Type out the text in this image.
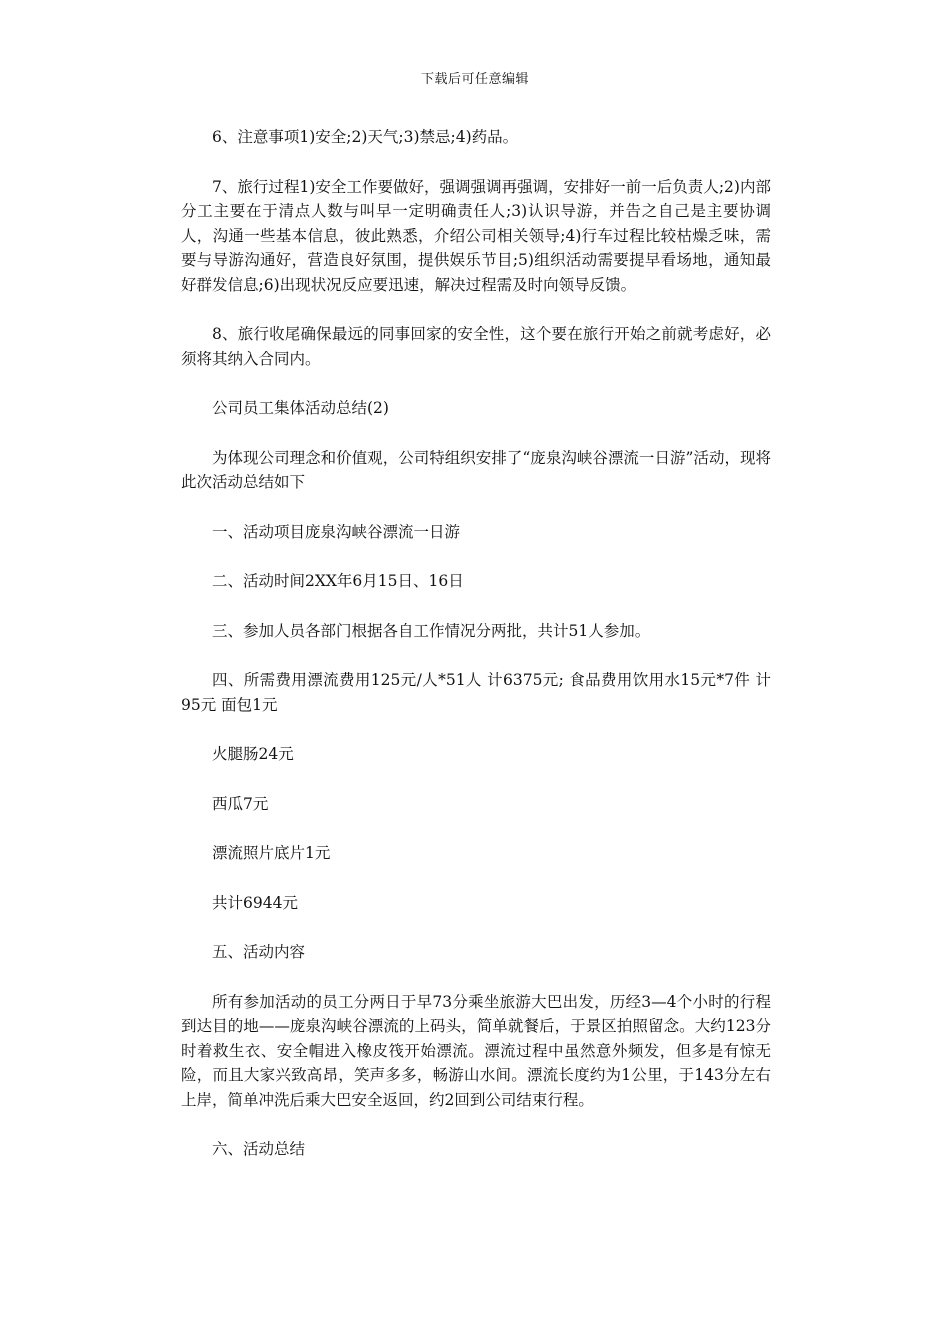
下载后可任意编辑

6、注意事项1)安全;2)天气;3)禁忌;4)药品。

7、旅行过程1)安全工作要做好，强调强调再强调，安排好一前一后负责人;2)内部分工主要在于清点人数与叫早一定明确责任人;3)认识导游，并告之自己是主要协调人，沟通一些基本信息，彼此熟悉，介绍公司相关领导;4)行车过程比较枯燥乏味，需要与导游沟通好，营造良好氛围，提供娱乐节目;5)组织活动需要提早看场地，通知最好群发信息;6)出现状况反应要迅速，解决过程需及时向领导反馈。

8、旅行收尾确保最远的同事回家的安全性，这个要在旅行开始之前就考虑好，必须将其纳入合同内。

公司员工集体活动总结(2)

为体现公司理念和价值观，公司特组织安排了“庞泉沟峡谷漂流一日游”活动，现将此次活动总结如下

一、活动项目庞泉沟峡谷漂流一日游

二、活动时间2XX年6月15日、16日

三、参加人员各部门根据各自工作情况分两批，共计51人参加。

四、所需费用漂流费用125元/人*51人 计6375元; 食品费用饮用水15元*7件 计95元 面包1元

火腿肠24元

西瓜7元

漂流照片底片1元

共计6944元

五、活动内容

所有参加活动的员工分两日于早73分乘坐旅游大巴出发，历经3—4个小时的行程到达目的地——庞泉沟峡谷漂流的上码头，简单就餐后，于景区拍照留念。大约123分时着救生衣、安全帽进入橡皮筏开始漂流。漂流过程中虽然意外频发，但多是有惊无险，而且大家兴致高昂，笑声多多，畅游山水间。漂流长度约为1公里，于143分左右上岸，简单冲洗后乘大巴安全返回，约2回到公司结束行程。

六、活动总结
